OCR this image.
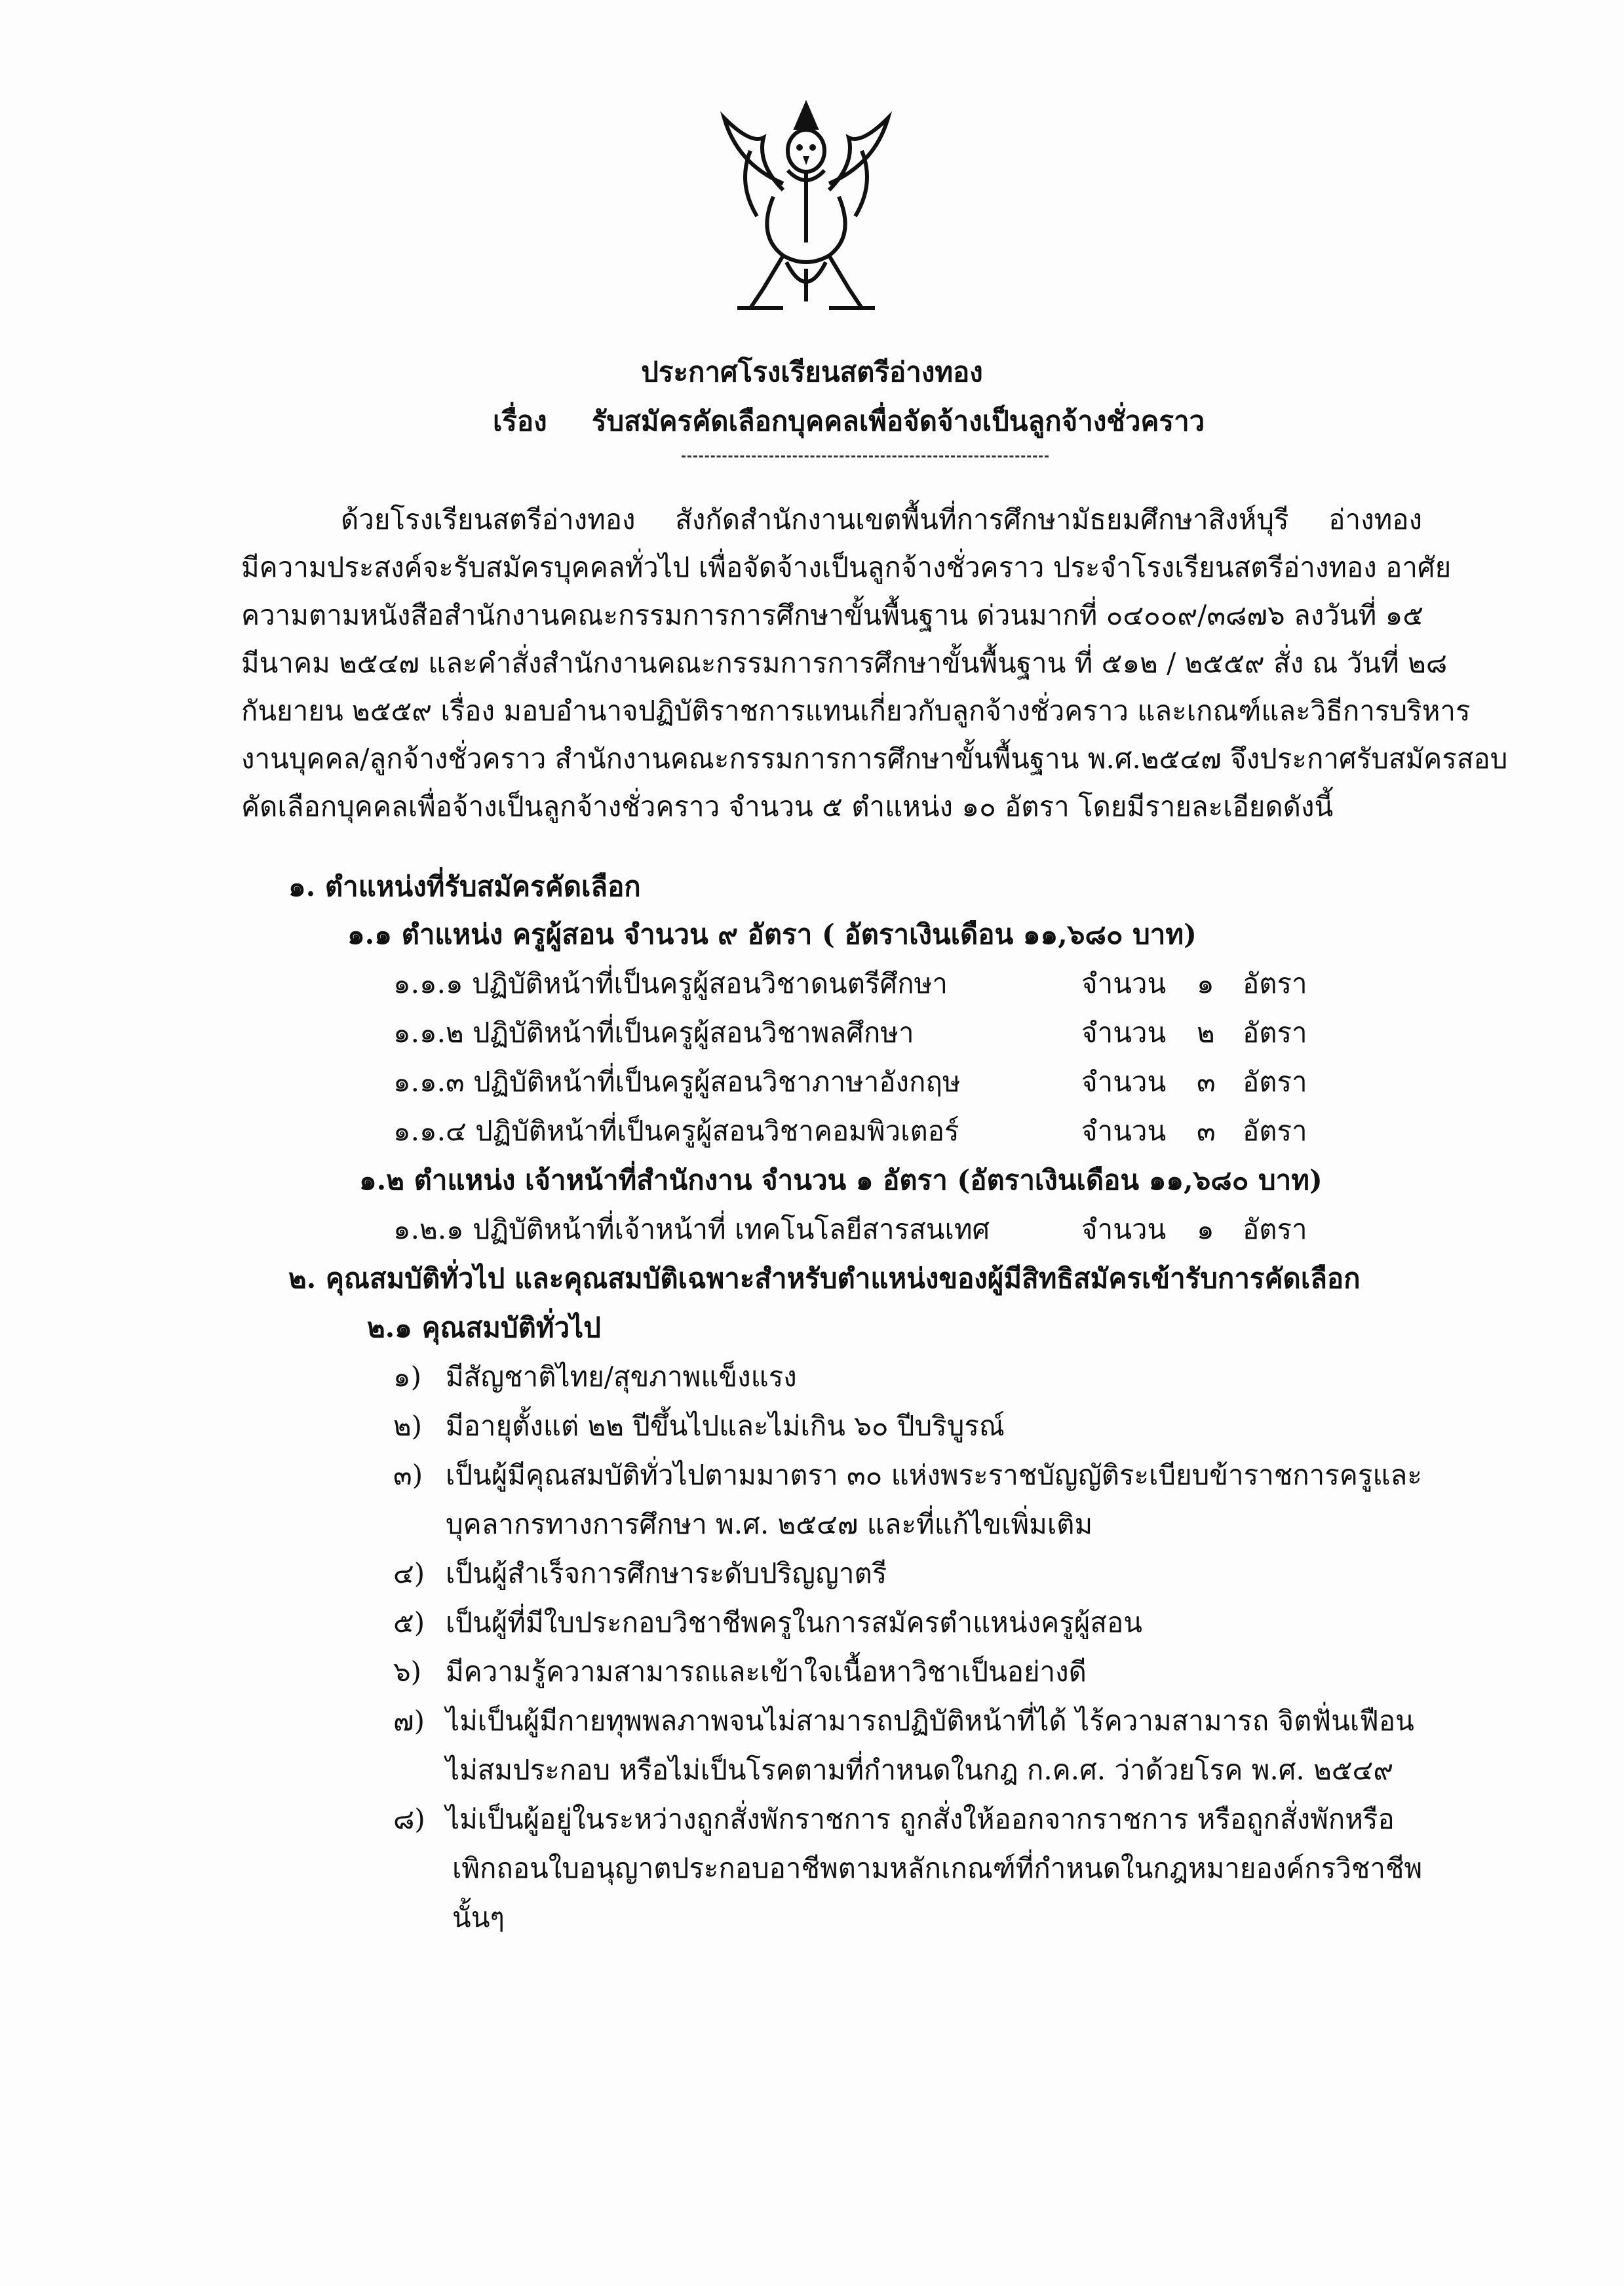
ประกาศโรงเรียนสตรีอ่างทอง
เรื่อง รับสมัครคัดเลือกบุคคลเพื่อจัดจ้างเป็นลูกจ้างชั่วคราว
ด้วยโรงเรียนสตรีอ่างทอง สังกัดสำนักงานเขตพื้นที่การศึกษามัธยมศึกษาสิงห์บุรี อ่างทอง
มีความประสงค์จะรับสมัครบุคคลทั่วไป เพื่อจัดจ้างเป็นลูกจ้างชั่วคราว ประจำโรงเรียนสตรีอ่างทอง อาศัย
ความตามหนังสือสำนักงานคณะกรรมการการศึกษาขั้นพื้นฐาน ด่วนมากที่ ๐๔๐๐๙/๓๘๗๖ ลงวันที่ ๑๕
มีนาคม ๒๕๔๗ และคำสั่งสำนักงานคณะกรรมการการศึกษาขั้นพื้นฐาน ที่ ๕๑๒ / ๒๕๕๙ สั่ง ณ วันที่ ๒๘
กันยายน ๒๕๕๙ เรื่อง มอบอำนาจปฏิบัติราชการแทนเกี่ยวกับลูกจ้างชั่วคราว และเกณฑ์และวิธีการบริหาร
งานบุคคล/ลูกจ้างชั่วคราว สำนักงานคณะกรรมการการศึกษาขั้นพื้นฐาน พ.ศ.๒๕๔๗ จึงประกาศรับสมัครสอบ
คัดเลือกบุคคลเพื่อจ้างเป็นลูกจ้างชั่วคราว จำนวน ๕ ตำแหน่ง ๑๐ อัตรา โดยมีรายละเอียดดังนี้
๑. ตำแหน่งที่รับสมัครคัดเลือก
๑.๑ ตำแหน่ง ครูผู้สอน จำนวน ๙ อัตรา ( อัตราเงินเดือน ๑๑,๖๘๐ บาท)
๑.๑.๑ ปฏิบัติหน้าที่เป็นครูผู้สอนวิชาดนตรีศึกษา	จำนวน ๑ อัตรา
๑.๑.๒ ปฏิบัติหน้าที่เป็นครูผู้สอนวิชาพลศึกษา	จำนวน ๒ อัตรา
๑.๑.๓ ปฏิบัติหน้าที่เป็นครูผู้สอนวิชาภาษาอังกฤษ	จำนวน ๓ อัตรา
๑.๑.๔ ปฏิบัติหน้าที่เป็นครูผู้สอนวิชาคอมพิวเตอร์	จำนวน ๓ อัตรา
๑.๒ ตำแหน่ง เจ้าหน้าที่สำนักงาน จำนวน ๑ อัตรา (อัตราเงินเดือน ๑๑,๖๘๐ บาท)
๑.๒.๑ ปฏิบัติหน้าที่เจ้าหน้าที่ เทคโนโลยีสารสนเทศ	จำนวน ๑ อัตรา
๒. คุณสมบัติทั่วไป และคุณสมบัติเฉพาะสำหรับตำแหน่งของผู้มีสิทธิสมัครเข้ารับการคัดเลือก
๒.๑ คุณสมบัติทั่วไป
๑) มีสัญชาติไทย/สุขภาพแข็งแรง
๒) มีอายุตั้งแต่ ๒๒ ปีขึ้นไปและไม่เกิน ๖๐ ปีบริบูรณ์
๓) เป็นผู้มีคุณสมบัติทั่วไปตามมาตรา ๓๐ แห่งพระราชบัญญัติระเบียบข้าราชการครูและ
บุคลากรทางการศึกษา พ.ศ. ๒๕๔๗ และที่แก้ไขเพิ่มเติม
๔) เป็นผู้สำเร็จการศึกษาระดับปริญญาตรี
๕) เป็นผู้ที่มีใบประกอบวิชาชีพครูในการสมัครตำแหน่งครูผู้สอน
๖) มีความรู้ความสามารถและเข้าใจเนื้อหาวิชาเป็นอย่างดี
๗) ไม่เป็นผู้มีกายทุพพลภาพจนไม่สามารถปฏิบัติหน้าที่ได้ ไร้ความสามารถ จิตฟั่นเฟือน
ไม่สมประกอบ หรือไม่เป็นโรคตามที่กำหนดในกฎ ก.ค.ศ. ว่าด้วยโรค พ.ศ. ๒๕๔๙
๘) ไม่เป็นผู้อยู่ในระหว่างถูกสั่งพักราชการ ถูกสั่งให้ออกจากราชการ หรือถูกสั่งพักหรือ
เพิกถอนใบอนุญาตประกอบอาชีพตามหลักเกณฑ์ที่กำหนดในกฎหมายองค์กรวิชาชีพ
นั้นๆ
